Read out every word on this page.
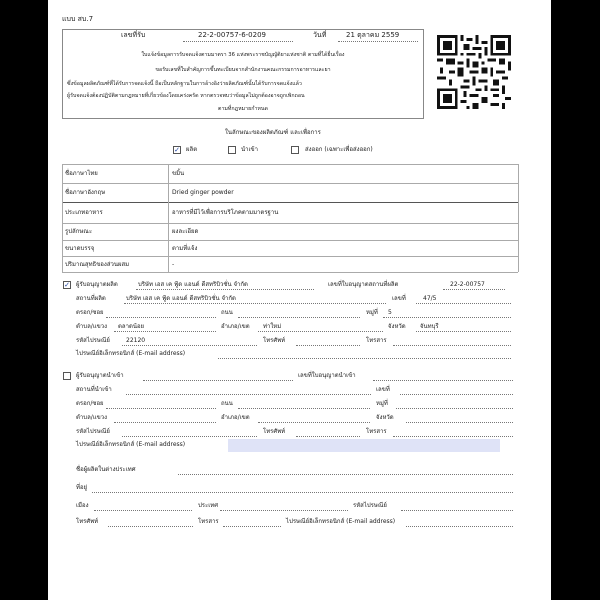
แบบ สบ.7
เลขที่รับ	22-2-00757-6-0209	วันที่	21 ตุลาคม 2559
ใบแจ้งข้อมูลการรับจดแจ้งตามมาตรา 36 แห่งพระราชบัญญัติยาแห่งชาติ ตามที่ได้ยื่นเรื่อง
ขอรับเลขที่ใบสำคัญการขึ้นทะเบียนจากสำนักงานคณะกรรมการอาหารและยา
ซึ่งข้อมูลผลิตภัณฑ์ที่ได้รับการจดแจ้งนี้ ถือเป็นหลักฐานในการอ้างอิงว่าผลิตภัณฑ์นั้นได้รับการจดแจ้งแล้ว
ผู้รับจดแจ้งต้องปฏิบัติตามกฎหมายที่เกี่ยวข้องโดยเคร่งครัด หากตรวจพบว่าข้อมูลไม่ถูกต้องอาจถูกเพิกถอน
ตามที่กฎหมายกำหนด
ในลักษณะของผลิตภัณฑ์ และเพื่อการ
✓ ผลิต	นำเข้า	ส่งออก (เฉพาะเพื่อส่งออก)
ชื่อภาษาไทย	ขมิ้น
ชื่อภาษาอังกฤษ	Dried ginger powder
ประเภทอาหาร	อาหารที่มีไว้เพื่อการบริโภคตามมาตรฐาน
รูปลักษณะ	ผงละเอียด
ขนาดบรรจุ	ตามที่แจ้ง
ปริมาณสุทธิของส่วนผสม	-
✓ ผู้รับอนุญาตผลิต	บริษัท เอส เค ฟู้ด แอนด์ ดีสทริบิวชั่น จำกัด	เลขที่ใบอนุญาตสถานที่ผลิต	22-2-00757
สถานที่ผลิต	บริษัท เอส เค ฟู้ด แอนด์ ดีสทริบิวชั่น จำกัด	เลขที่	47/5
ตรอก/ซอย	ถนน	หมู่ที่ 5
ตำบล/แขวง ตลาดน้อย	อำเภอ/เขต ท่าใหม่	จังหวัด จันทบุรี
รหัสไปรษณีย์	22120	โทรศัพท์	โทรสาร
ไปรษณีย์อิเล็กทรอนิกส์ (E-mail address)
ผู้รับอนุญาตนำเข้า	เลขที่ใบอนุญาตนำเข้า
สถานที่นำเข้า	เลขที่
ตรอก/ซอย	ถนน	หมู่ที่
ตำบล/แขวง	อำเภอ/เขต	จังหวัด
รหัสไปรษณีย์	โทรศัพท์	โทรสาร
ไปรษณีย์อิเล็กทรอนิกส์ (E-mail address)
ชื่อผู้ผลิตในต่างประเทศ
ที่อยู่
เมือง	ประเทศ	รหัสไปรษณีย์
โทรศัพท์	โทรสาร	ไปรษณีย์อิเล็กทรอนิกส์ (E-mail address)
